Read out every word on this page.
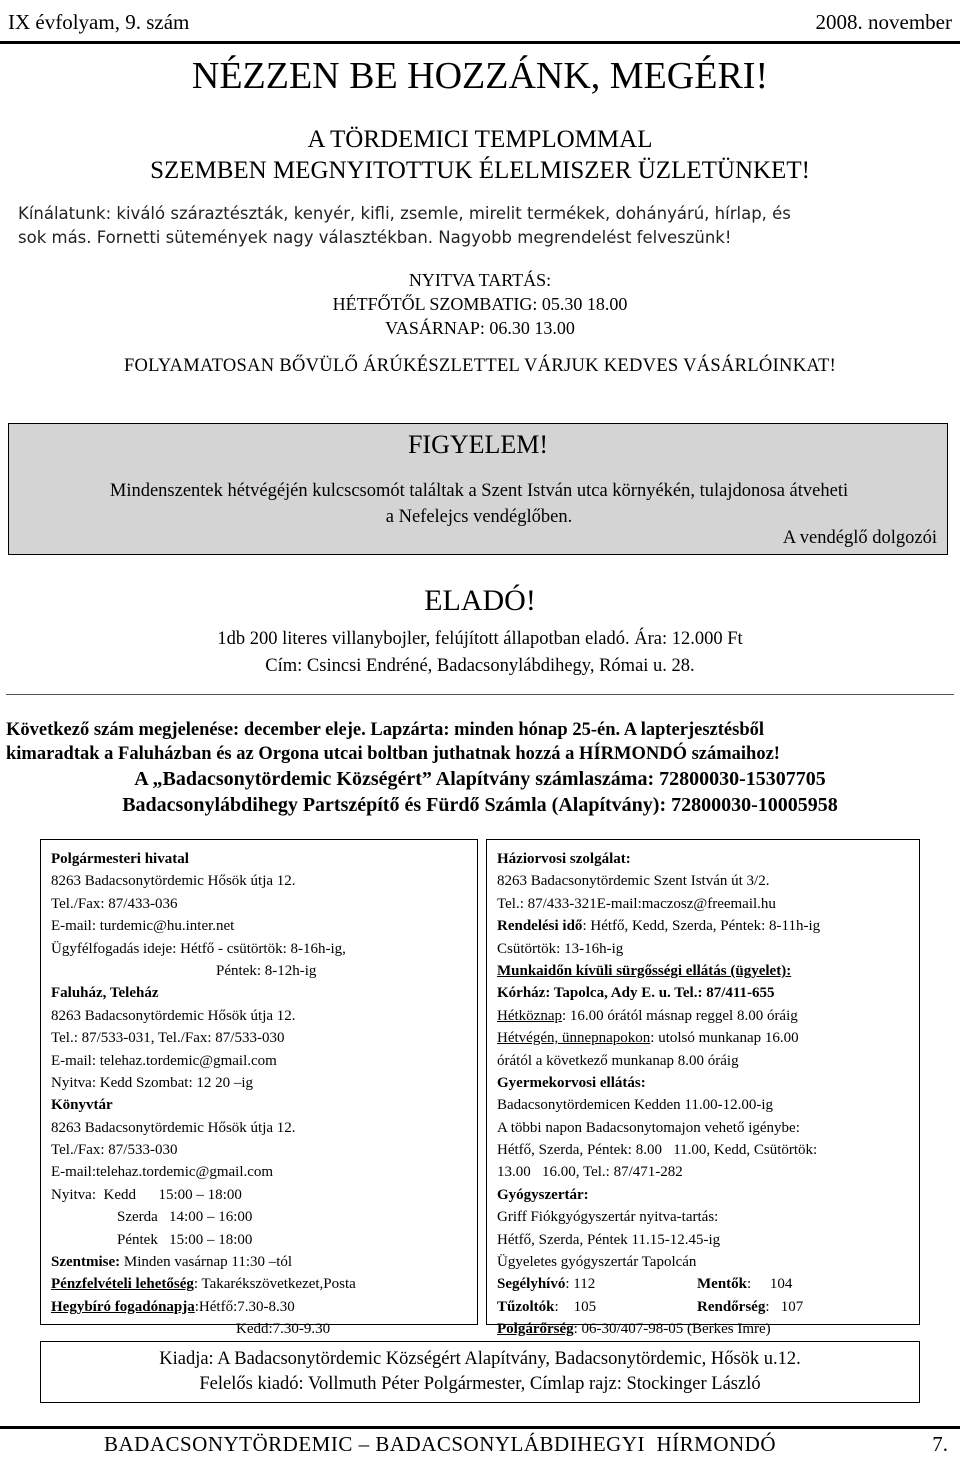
IX évfolyam, 9. szám	2008. november
NÉZZEN BE HOZZÁNK, MEGÉRI!
A TÖRDEMICI TEMPLOMMAL
SZEMBEN MEGNYITOTTUK ÉLELMISZER ÜZLETÜNKET!
Kínálatunk: kiváló száraztészták, kenyér, kifli, zsemle, mirelit termékek, dohányárú, hírlap, és
sok más. Fornetti sütemények nagy választékban. Nagyobb megrendelést felveszünk!
NYITVA TARTÁS:
HÉTFŐTŐL SZOMBATIG: 05.30 18.00
VASÁRNAP: 06.30 13.00
FOLYAMATOSAN BŐVÜLŐ ÁRÚKÉSZLETTEL VÁRJUK KEDVES VÁSÁRLÓINKAT!
FIGYELEM!
Mindenszentek hétvégéjén kulcscsomót találtak a Szent István utca környékén, tulajdonosa átveheti
a Nefelejcs vendéglőben.
A vendéglő dolgozói
ELADÓ!
1db 200 literes villanybojler, felújított állapotban eladó. Ára: 12.000 Ft
Cím: Csincsi Endréné, Badacsonylábdihegy, Római u. 28.
Következő szám megjelenése: december eleje. Lapzárta: minden hónap 25-én. A lapterjesztésből
kimaradtak a Faluházban és az Orgona utcai boltban juthatnak hozzá a HÍRMONDÓ számaihoz!
A „Badacsonytördemic Községért” Alapítvány számlaszáma: 72800030-15307705
Badacsonylábdihegy Partszépítő és Fürdő Számla (Alapítvány): 72800030-10005958
Polgármesteri hivatal
8263 Badacsonytördemic Hősök útja 12.
Tel./Fax: 87/433-036
E-mail: turdemic@hu.inter.net
Ügyfélfogadás ideje: Hétfő - csütörtök: 8-16h-ig,
Péntek: 8-12h-ig
Faluház, Teleház
8263 Badacsonytördemic Hősök útja 12.
Tel.: 87/533-031, Tel./Fax: 87/533-030
E-mail: telehaz.tordemic@gmail.com
Nyitva: Kedd Szombat: 12 20 –ig
Könyvtár
8263 Badacsonytördemic Hősök útja 12.
Tel./Fax: 87/533-030
E-mail:telehaz.tordemic@gmail.com
Nyitva:  Kedd      15:00 – 18:00
Szerda   14:00 – 16:00
Péntek   15:00 – 18:00
Szentmise: Minden vasárnap 11:30 –tól
Pénzfelvételi lehetőség: Takarékszövetkezet,Posta
Hegybíró fogadónapja:Hétfő:7.30-8.30
Kedd:7.30-9.30
Háziorvosi szolgálat:
8263 Badacsonytördemic Szent István út 3/2.
Tel.: 87/433-321E-mail:maczosz@freemail.hu
Rendelési idő: Hétfő, Kedd, Szerda, Péntek: 8-11h-ig
Csütörtök: 13-16h-ig
Munkaidőn kívüli sürgősségi ellátás (ügyelet):
Kórház: Tapolca, Ady E. u. Tel.: 87/411-655
Hétköznap: 16.00 órától másnap reggel 8.00 óráig
Hétvégén, ünnepnapokon: utolsó munkanap 16.00
órától a következő munkanap 8.00 óráig
Gyermekorvosi ellátás:
Badacsonytördemicen Kedden 11.00-12.00-ig
A többi napon Badacsonytomajon vehető igénybe:
Hétfő, Szerda, Péntek: 8.00   11.00, Kedd, Csütörtök:
13.00   16.00, Tel.: 87/471-282
Gyógyszertár:
Griff Fiókgyógyszertár nyitva-tartás:
Hétfő, Szerda, Péntek 11.15-12.45-ig
Ügyeletes gyógyszertár Tapolcán
Segélyhívó: 112	Mentők:     104
Tűzoltók:    105	Rendőrség:   107
Polgárőrség: 06-30/407-98-05 (Berkes Imre)
Kiadja: A Badacsonytördemic Községért Alapítvány, Badacsonytördemic, Hősök u.12.
Felelős kiadó: Vollmuth Péter Polgármester, Címlap rajz: Stockinger László
BADACSONYTÖRDEMIC – BADACSONYLÁBDIHEGYI  HÍRMONDÓ	7.
